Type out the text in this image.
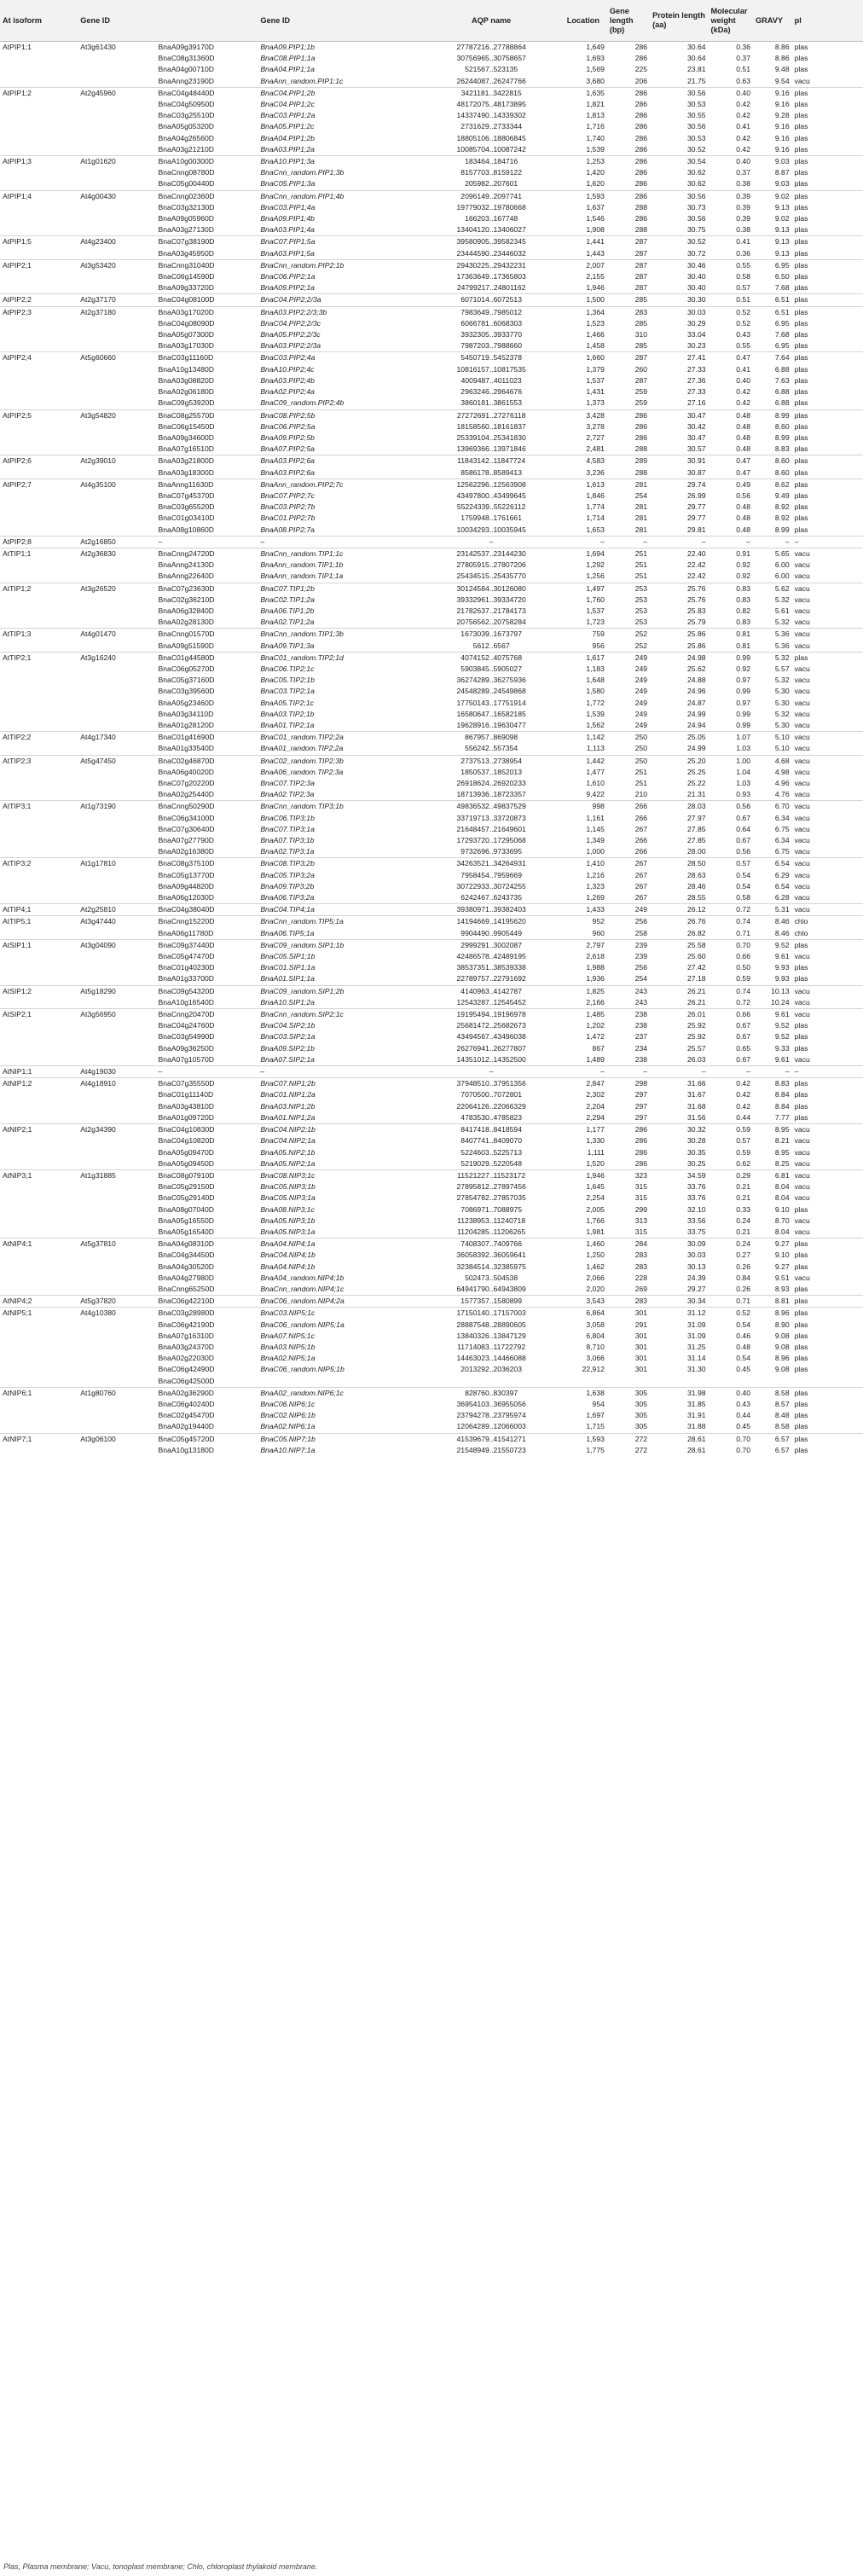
At isoform	Gene ID		Gene ID	AQP name	Location	Gene length (bp)	Protein length (aa)	Molecular weight (kDa)	GRAVY	pI
AtPIP1;1	At3g61430	BnaA09g39170D	BnaA09.PIP1;1b	27787216..27788864	1,649	286	30.64	0.36	8.86	plas
		BnaC08g31360D	BnaC08.PIP1;1a	30756965..30758657	1,693	286	30.64	0.37	8.86	plas
		BnaA04g00710D	BnaA04.PIP1;1a	521567..523135	1,569	225	23.81	0.51	9.48	plas
		BnaAnng23190D	BnaAnn_random.PIP1;1c	26244087..26247766	3,680	206	21.75	0.63	9.54	vacu
AtPIP1;2	At2g45960	BnaC04g48440D	BnaC04.PIP1;2b	3421181..3422815	1,635	286	30.56	0.40	9.16	plas
		BnaC04g50950D	BnaC04.PIP1;2c	48172075..48173895	1,821	286	30.53	0.42	9.16	plas
		BnaC03g25510D	BnaC03.PIP1;2a	14337490..14339302	1,813	286	30.55	0.42	9.28	plas
		BnaA05g05320D	BnaA05.PIP1;2c	2731629..2733344	1,716	286	30.56	0.41	9.16	plas
		BnaA04g26560D	BnaA04.PIP1;2b	18805106..18806845	1,740	286	30.53	0.42	9.16	plas
		BnaA03g21210D	BnaA03.PIP1;2a	10085704..10087242	1,539	286	30.52	0.42	9.16	plas
AtPIP1;3	At1g01620	BnaA10g00300D	BnaA10.PIP1;3a	183464..184716	1,253	286	30.54	0.40	9.03	plas
		BnaCnng08780D	BnaCnn_random.PIP1;3b	8157703..8159122	1,420	286	30.62	0.37	8.87	plas
		BnaC05g00440D	BnaC05.PIP1;3a	205982..207601	1,620	286	30.62	0.38	9.03	plas
AtPIP1;4	At4g00430	BnaCnng02360D	BnaCnn_random.PIP1;4b	2096149..2097741	1,593	286	30.56	0.39	9.02	plas
		BnaC03g32130D	BnaC03.PIP1;4a	19779032..19780668	1,637	288	30.73	0.39	9.13	plas
		BnaA09g05960D	BnaA09.PIP1;4b	166203..167748	1,546	286	30.56	0.39	9.02	plas
		BnaA03g27130D	BnaA03.PIP1;4a	13404120..13406027	1,908	288	30.75	0.38	9.13	plas
AtPIP1;5	At4g23400	BnaC07g38190D	BnaC07.PIP1;5a	39580905..39582345	1,441	287	30.52	0.41	9.13	plas
		BnaA03g45950D	BnaA03.PIP1;5a	23444590..23446032	1,443	287	30.72	0.36	9.13	plas
AtPIP2;1	At3g53420	BnaCnng31040D	BnaCnn_random.PIP2;1b	29430225..29432231	2,007	287	30.46	0.55	6.95	plas
		BnaC06g14590D	BnaC06.PIP2;1a	17363649..17365803	2,155	287	30.40	0.58	6.50	plas
		BnaA09g33720D	BnaA09.PIP2;1a	24799217..24801162	1,946	287	30.40	0.57	7.68	plas
AtPIP2;2	At2g37170	BnaC04g08100D	BnaC04.PIP2;2/3a	6071014..6072513	1,500	285	30.30	0.51	6.51	plas
AtPIP2;3	At2g37180	BnaA03g17020D	BnaA03.PIP2;2/3;3b	7983649..7985012	1,364	283	30.03	0.52	6.51	plas
		BnaC04g08090D	BnaC04.PIP2;2/3c	6066781..6068303	1,523	285	30.29	0.52	6.95	plas
		BnaA05g07300D	BnaA05.PIP2;2/3c	3932305..3933770	1,466	310	33.04	0.43	7.68	plas
		BnaA03g17030D	BnaA03.PIP2;2/3a	7987203..7988660	1,458	285	30.23	0.55	6.95	plas
AtPIP2;4	At5g60660	BnaC03g11160D	BnaC03.PIP2;4a	5450719..5452378	1,660	287	27.41	0.47	7.64	plas
		BnaA10g13480D	BnaA10.PIP2;4c	10816157..10817535	1,379	260	27.33	0.41	6.88	plas
		BnaA03g08820D	BnaA03.PIP2;4b	4009487..4011023	1,537	287	27.36	0.40	7.63	plas
		BnaA02g06180D	BnaA02.PIP2;4a	2963246..2964676	1,431	259	27.33	0.42	6.88	plas
		BnaC09g53920D	BnaC09_random.PIP2;4b	3860181..3861553	1,373	259	27.16	0.42	6.88	plas
AtPIP2;5	At3g54820	BnaC08g25570D	BnaC08.PIP2;5b	27272691..27276118	3,428	286	30.47	0.48	8.99	plas
		BnaC06g15450D	BnaC06.PIP2;5a	18158560..18161837	3,278	286	30.42	0.48	8.60	plas
		BnaA09g34600D	BnaA09.PIP2;5b	25339104..25341830	2,727	286	30.47	0.48	8.99	plas
		BnaA07g16510D	BnaA07.PIP2;5a	13969366..13971846	2,481	288	30.57	0.48	8.83	plas
AtPIP2;6	At2g39010	BnaA03g21800D	BnaA03.PIP2;6a	11843142..11847724	4,583	289	30.91	0.47	8.60	plas
		BnaA03g18300D	BnaA03.PIP2;6a	8586178..8589413	3,236	288	30.87	0.47	8.60	plas
AtPIP2;7	At4g35100	BnaAnng11630D	BnaAnn_random.PIP2;7c	12562296..12563908	1,613	281	29.74	0.49	8.62	plas
		BnaC07g45370D	BnaC07.PIP2;7c	43497800..43499645	1,846	254	26.99	0.56	9.49	plas
		BnaC03g65520D	BnaC03.PIP2;7b	55224339..55226112	1,774	281	29.77	0.48	8.92	plas
		BnaC01g03410D	BnaC01.PIP2;7b	1759948..1761661	1,714	281	29.77	0.48	8.92	plas
		BnaA08g10860D	BnaA08.PIP2;7a	10034293..10035945	1,653	281	29.81	0.48	8.99	plas
AtPIP2;8	At2g16850	–	–	–	–	–	–	–	–	–
AtTIP1;1	At2g36830	BnaCnng24720D	BnaCnn_random.TIP1;1c	23142537..23144230	1,694	251	22.40	0.91	5.65	vacu
		BnaAnng24130D	BnaAnn_random.TIP1;1b	27805915..27807206	1,292	251	22.42	0.92	6.00	vacu
		BnaAnng22640D	BnaAnn_random.TIP1;1a	25434515..25435770	1,256	251	22.42	0.92	6.00	vacu
AtTIP1;2	At3g26520	BnaC07g23630D	BnaC07.TIP1;2b	30124584..30126080	1,497	253	25.76	0.83	5.62	vacu
		BnaC02g36210D	BnaC02.TIP1;2a	39332961..39334720	1,760	253	25.76	0.83	5.32	vacu
		BnaA06g32840D	BnaA06.TIP1;2b	21782637..21784173	1,537	253	25.83	0.82	5.61	vacu
		BnaA02g28130D	BnaA02.TIP1;2a	20756562..20758284	1,723	253	25.79	0.83	5.32	vacu
AtTIP1;3	At4g01470	BnaCnng01570D	BnaCnn_random.TIP1;3b	1673039..1673797	759	252	25.86	0.81	5.36	vacu
		BnaA09g51590D	BnaA09.TIP1;3a	5612..6567	956	252	25.86	0.81	5.36	vacu
AtTIP2;1	At3g16240	BnaC01g44580D	BnaC01_random.TIP2;1d	4074152..4075768	1,617	249	24.98	0.99	5.32	plas
		BnaC06g05270D	BnaC06.TIP2;1c	5903845..5905027	1,183	249	25.62	0.92	5.57	vacu
		BnaC05g37160D	BnaC05.TIP2;1b	36274289..36275936	1,648	249	24.88	0.97	5.32	vacu
		BnaC03g39560D	BnaC03.TIP2;1a	24548289..24549868	1,580	249	24.96	0.99	5.30	vacu
		BnaA05g23460D	BnaA05.TIP2;1c	17750143..17751914	1,772	249	24.87	0.97	5.30	vacu
		BnaA03g34110D	BnaA03.TIP2;1b	16580647..16582185	1,539	249	24.99	0.99	5.32	vacu
		BnaA01g28120D	BnaA01.TIP2;1a	19628916..19630477	1,562	249	24.94	0.99	5.30	vacu
AtTIP2;2	At4g17340	BnaC01g41690D	BnaC01_random.TIP2;2a	867957..869098	1,142	250	25.05	1.07	5.10	vacu
		BnaA01g33540D	BnaA01_random.TIP2;2a	556242..557354	1,113	250	24.99	1.03	5.10	vacu
AtTIP2;3	At5g47450	BnaC02g46870D	BnaC02_random.TIP2;3b	2737513..2738954	1,442	250	25.20	1.00	4.68	vacu
		BnaA06g40020D	BnaA06_random.TIP2;3a	1850537..1852013	1,477	251	25.25	1.04	4.98	vacu
		BnaC07g20220D	BnaC07.TIP2;3a	26918624..26920233	1,610	251	25.22	1.03	4.96	vacu
		BnaA02g25440D	BnaA02.TIP2;3a	18713936..18723357	9,422	210	21.31	0.93	4.76	vacu
AtTIP3;1	At1g73190	BnaCnng50290D	BnaCnn_random.TIP3;1b	49836532..49837529	998	266	28.03	0.56	6.70	vacu
		BnaC06g34100D	BnaC06.TIP3;1b	33719713..33720873	1,161	266	27.97	0.67	6.34	vacu
		BnaC07g30640D	BnaC07.TIP3;1a	21648457..21649601	1,145	267	27.85	0.64	6.75	vacu
		BnaA07g27790D	BnaA07.TIP3;1b	17293720..17295068	1,349	266	27.85	0.67	6.34	vacu
		BnaA02g16380D	BnaA02.TIP3;1a	9732696..9733695	1,000	266	28.00	0.56	6.75	vacu
AtTIP3;2	At1g17810	BnaC08g37510D	BnaC08.TIP3;2b	34263521..34264931	1,410	267	28.50	0.57	6.54	vacu
		BnaC05g13770D	BnaC05.TIP3;2a	7958454..7959669	1,216	267	28.63	0.54	6.29	vacu
		BnaA09g44820D	BnaA09.TIP3;2b	30722933..30724255	1,323	267	28.46	0.54	6.54	vacu
		BnaA06g12030D	BnaA06.TIP3;2a	6242467..6243735	1,269	267	28.55	0.58	6.28	vacu
AtTIP4;1	At2g25810	BnaC04g38040D	BnaC04.TIP4;1a	39380971..39382403	1,433	249	26.12	0.72	5.31	vacu
AtTIP5;1	At3g47440	BnaCnng15220D	BnaCnn_random.TIP5;1a	14194669..14195620	952	256	26.76	0.74	8.46	chlo
		BnaA06g11780D	BnaA06.TIP5;1a	9904490..9905449	960	258	26.82	0.71	8.46	chlo
AtSIP1;1	At3g04090	BnaC09g37440D	BnaC09_random.SIP1;1b	2999291..3002087	2,797	239	25.58	0.70	9.52	plas
		BnaC05g47470D	BnaC05.SIP1;1b	42486578..42489195	2,618	239	25.60	0.66	9.61	vacu
		BnaC01g40230D	BnaC01.SIP1;1a	38537351..38539338	1,988	256	27.42	0.50	9.93	plas
		BnaA01g33700D	BnaA01.SIP1;1a	22789757..22791692	1,936	254	27.18	0.59	9.93	plas
AtSIP1;2	At5g18290	BnaC09g54320D	BnaC09_random.SIP1;2b	4140963..4142787	1,825	243	26.21	0.74	10.13	vacu
		BnaA10g16540D	BnaA10.SIP1;2a	12543287..12545452	2,166	243	26.21	0.72	10.24	vacu
AtSIP2;1	At3g56950	BnaCnng20470D	BnaCnn_random.SIP2;1c	19195494..19196978	1,485	238	26.01	0.66	9.61	vacu
		BnaC04g24760D	BnaC04.SIP2;1b	25681472..25682673	1,202	238	25.92	0.67	9.52	plas
		BnaC03g54990D	BnaC03.SIP2;1a	43494567..43496038	1,472	237	25.92	0.67	9.52	plas
		BnaA09g36250D	BnaA09.SIP2;1b	26276941..26277807	867	234	25.57	0.65	9.33	plas
		BnaA07g10570D	BnaA07.SIP2;1a	14351012..14352500	1,489	238	26.03	0.67	9.61	vacu
AtNIP1;1	At4g19030	–	–	–	–	–	–	–	–	–
AtNIP1;2	At4g18910	BnaC07g35550D	BnaC07.NIP1;2b	37948510..37951356	2,847	298	31.66	0.42	8.83	plas
		BnaC01g11140D	BnaC01.NIP1;2a	7070500..7072801	2,302	297	31.67	0.42	8.84	plas
		BnaA03g43810D	BnaA03.NIP1;2b	22064126..22066329	2,204	297	31.68	0.42	8.84	plas
		BnaA01g09720D	BnaA01.NIP1;2a	4783530..4785823	2,294	297	31.56	0.44	7.77	plas
AtNIP2;1	At2g34390	BnaC04g10830D	BnaC04.NIP2;1b	8417418..8418594	1,177	286	30.32	0.59	8.95	vacu
		BnaC04g10820D	BnaC04.NIP2;1a	8407741..8409070	1,330	286	30.28	0.57	8.21	vacu
		BnaA05g09470D	BnaA05.NIP2;1b	5224603..5225713	1,111	286	30.35	0.59	8.95	vacu
		BnaA05g09450D	BnaA05.NIP2;1a	5219029..5220548	1,520	286	30.25	0.62	8.25	vacu
AtNIP3;1	At1g31885	BnaC08g07910D	BnaC08.NIP3;1c	11521227..11523172	1,946	323	34.59	0.29	6.81	vacu
		BnaC05g29150D	BnaC05.NIP3;1b	27895812..27897456	1,645	315	33.76	0.21	8.04	vacu
		BnaC05g29140D	BnaC05.NIP3;1a	27854782..27857035	2,254	315	33.76	0.21	8.04	vacu
		BnaA08g07040D	BnaA08.NIP3;1c	7086971..7088975	2,005	299	32.10	0.33	9.10	plas
		BnaA05g16550D	BnaA05.NIP3;1b	11238953..11240718	1,766	313	33.56	0.24	8.70	vacu
		BnaA05g16540D	BnaA05.NIP3;1a	11204285..11206265	1,981	315	33.75	0.21	8.04	vacu
AtNIP4;1	At5g37810	BnaA04g08310D	BnaA04.NIP4;1a	7408307..7409766	1,460	284	30.09	0.24	9.27	plas
		BnaC04g34450D	BnaC04.NIP4;1b	36058392..36059641	1,250	283	30.03	0.27	9.10	plas
		BnaA04g30520D	BnaA04.NIP4;1b	32384514..32385975	1,462	283	30.13	0.26	9.27	plas
		BnaA04g27980D	BnaA04_random.NIP4;1b	502473..504538	2,066	228	24.39	0.84	9.51	vacu
		BnaCnng65250D	BnaCnn_random.NIP4;1c	64941790..64943809	2,020	269	29.27	0.26	8.93	plas
AtNIP4;2	At5g37820	BnaC06g42210D	BnaC06_random.NIP4;2a	1577357..1580899	3,543	283	30.34	0.71	8.81	plas
AtNIP5;1	At4g10380	BnaC03g28980D	BnaC03.NIP5;1c	17150140..17157003	6,864	301	31.12	0.52	8.96	plas
		BnaC06g42190D	BnaC06_random.NIP5;1a	28887548..28890605	3,058	291	31.09	0.54	8.90	plas
		BnaA07g16310D	BnaA07.NIP5;1c	13840326..13847129	6,804	301	31.09	0.46	9.08	plas
		BnaA03g24370D	BnaA03.NIP5;1b	11714083..11722792	8,710	301	31.25	0.48	9.08	plas
		BnaA02g22030D	BnaA02.NIP5;1a	14463023..14466088	3,066	301	31.14	0.54	8.96	plas
		BnaC06g42490D	BnaC06_random.NIP5;1b	2013292..2036203	22,912	301	31.30	0.45	9.08	plas
		BnaC06g42500D								
AtNIP6;1	At1g80760	BnaA02g36290D	BnaA02_random.NIP6;1c	828760..830397	1,638	305	31.98	0.40	8.58	plas
		BnaC06g40240D	BnaC06.NIP6;1c	36954103..36955056	954	305	31.85	0.43	8.57	plas
		BnaC02g45470D	BnaC02.NIP6;1b	23794278..23795974	1,697	305	31.91	0.44	8.48	plas
		BnaA02g19440D	BnaA02.NIP6;1a	12064289..12066003	1,715	305	31.88	0.45	8.58	plas
AtNIP7;1	At3g06100	BnaC05g45720D	BnaC05.NIP7;1b	41539679..41541271	1,593	272	28.61	0.70	6.57	plas
		BnaA10g13180D	BnaA10.NIP7;1a	21548949..21550723	1,775	272	28.61	0.70	6.57	plas
Plas, Plasma membrane; Vacu, tonoplast membrane; Chlo, chloroplast thylakoid membrane.
